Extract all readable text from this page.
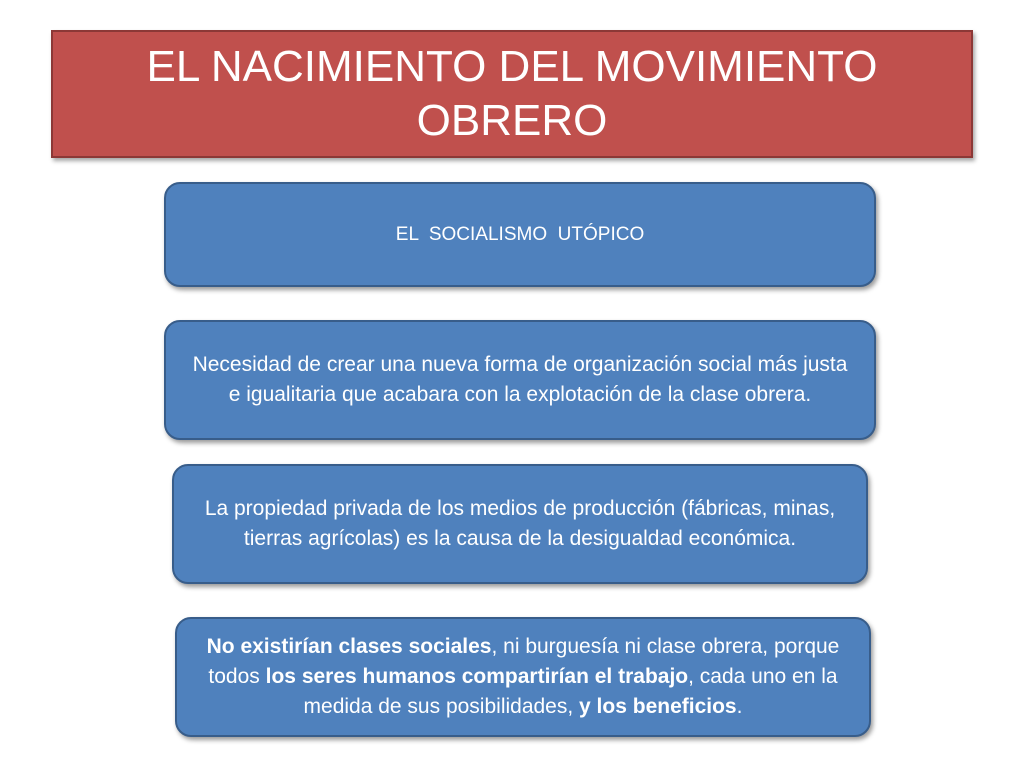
EL NACIMIENTO DEL MOVIMIENTO OBRERO

EL  SOCIALISMO  UTÓPICO

Necesidad de crear una nueva forma de organización social más justa e igualitaria que acabara con la explotación de la clase obrera.

La propiedad privada de los medios de producción (fábricas, minas, tierras agrícolas) es la causa de la desigualdad económica.

No existirían clases sociales, ni burguesía ni clase obrera, porque todos los seres humanos compartirían el trabajo, cada uno en la medida de sus posibilidades, y los beneficios.
